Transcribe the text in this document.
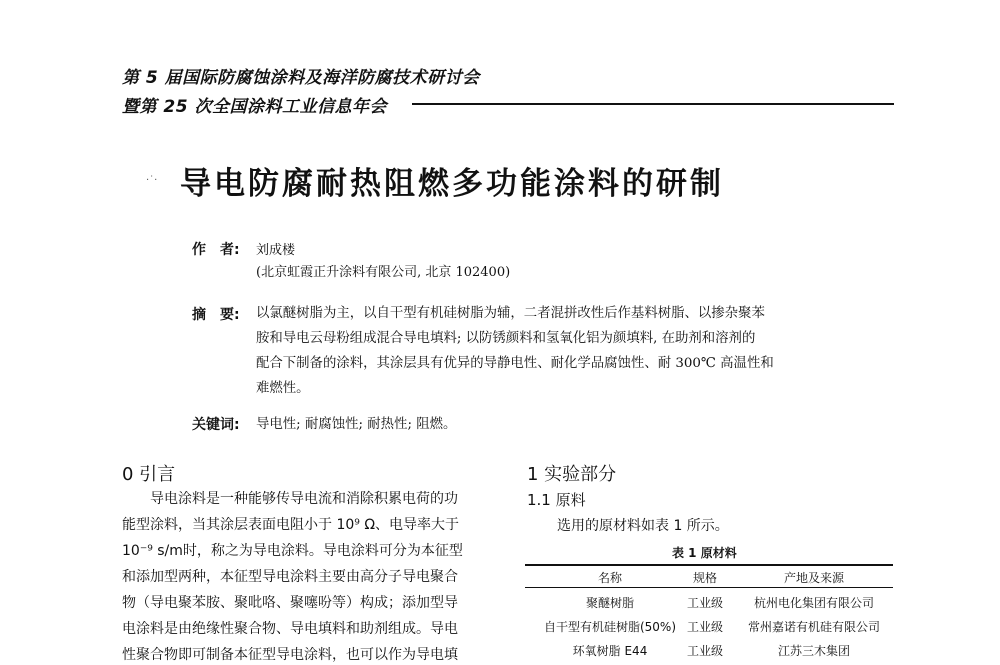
第 5 届国际防腐蚀涂料及海洋防腐技术研讨会
暨第 25 次全国涂料工业信息年会
·˙· 导电防腐耐热阻燃多功能涂料的研制
作　者: 刘成楼
(北京虹霞正升涂料有限公司, 北京 102400)
摘　要: 以氯醚树脂为主，以自干型有机硅树脂为辅，二者混拼改性后作基料树脂、以掺杂聚苯
胺和导电云母粉组成混合导电填料; 以防锈颜料和氢氧化铝为颜填料, 在助剂和溶剂的
配合下制备的涂料，其涂层具有优异的导静电性、耐化学品腐蚀性、耐 300℃ 高温性和
难燃性。
关键词: 导电性; 耐腐蚀性; 耐热性; 阻燃。
0 引言
　　导电涂料是一种能够传导电流和消除积累电荷的功
能型涂料，当其涂层表面电阻小于 10⁹ Ω、电导率大于
10⁻⁹ s/m时，称之为导电涂料。导电涂料可分为本征型
和添加型两种，本征型导电涂料主要由高分子导电聚合
物（导电聚苯胺、聚吡咯、聚噻吩等）构成；添加型导
电涂料是由绝缘性聚合物、导电填料和助剂组成。导电
性聚合物即可制备本征型导电涂料，也可以作为导电填
1 实验部分
1.1 原料
选用的原材料如表 1 所示。
表 1 原材料
名称	规格	产地及来源
聚醚树脂	工业级	杭州电化集团有限公司
自干型有机硅树脂(50%) 工业级	常州嘉诺有机硅有限公司
环氧树脂 E44	工业级	江苏三木集团
